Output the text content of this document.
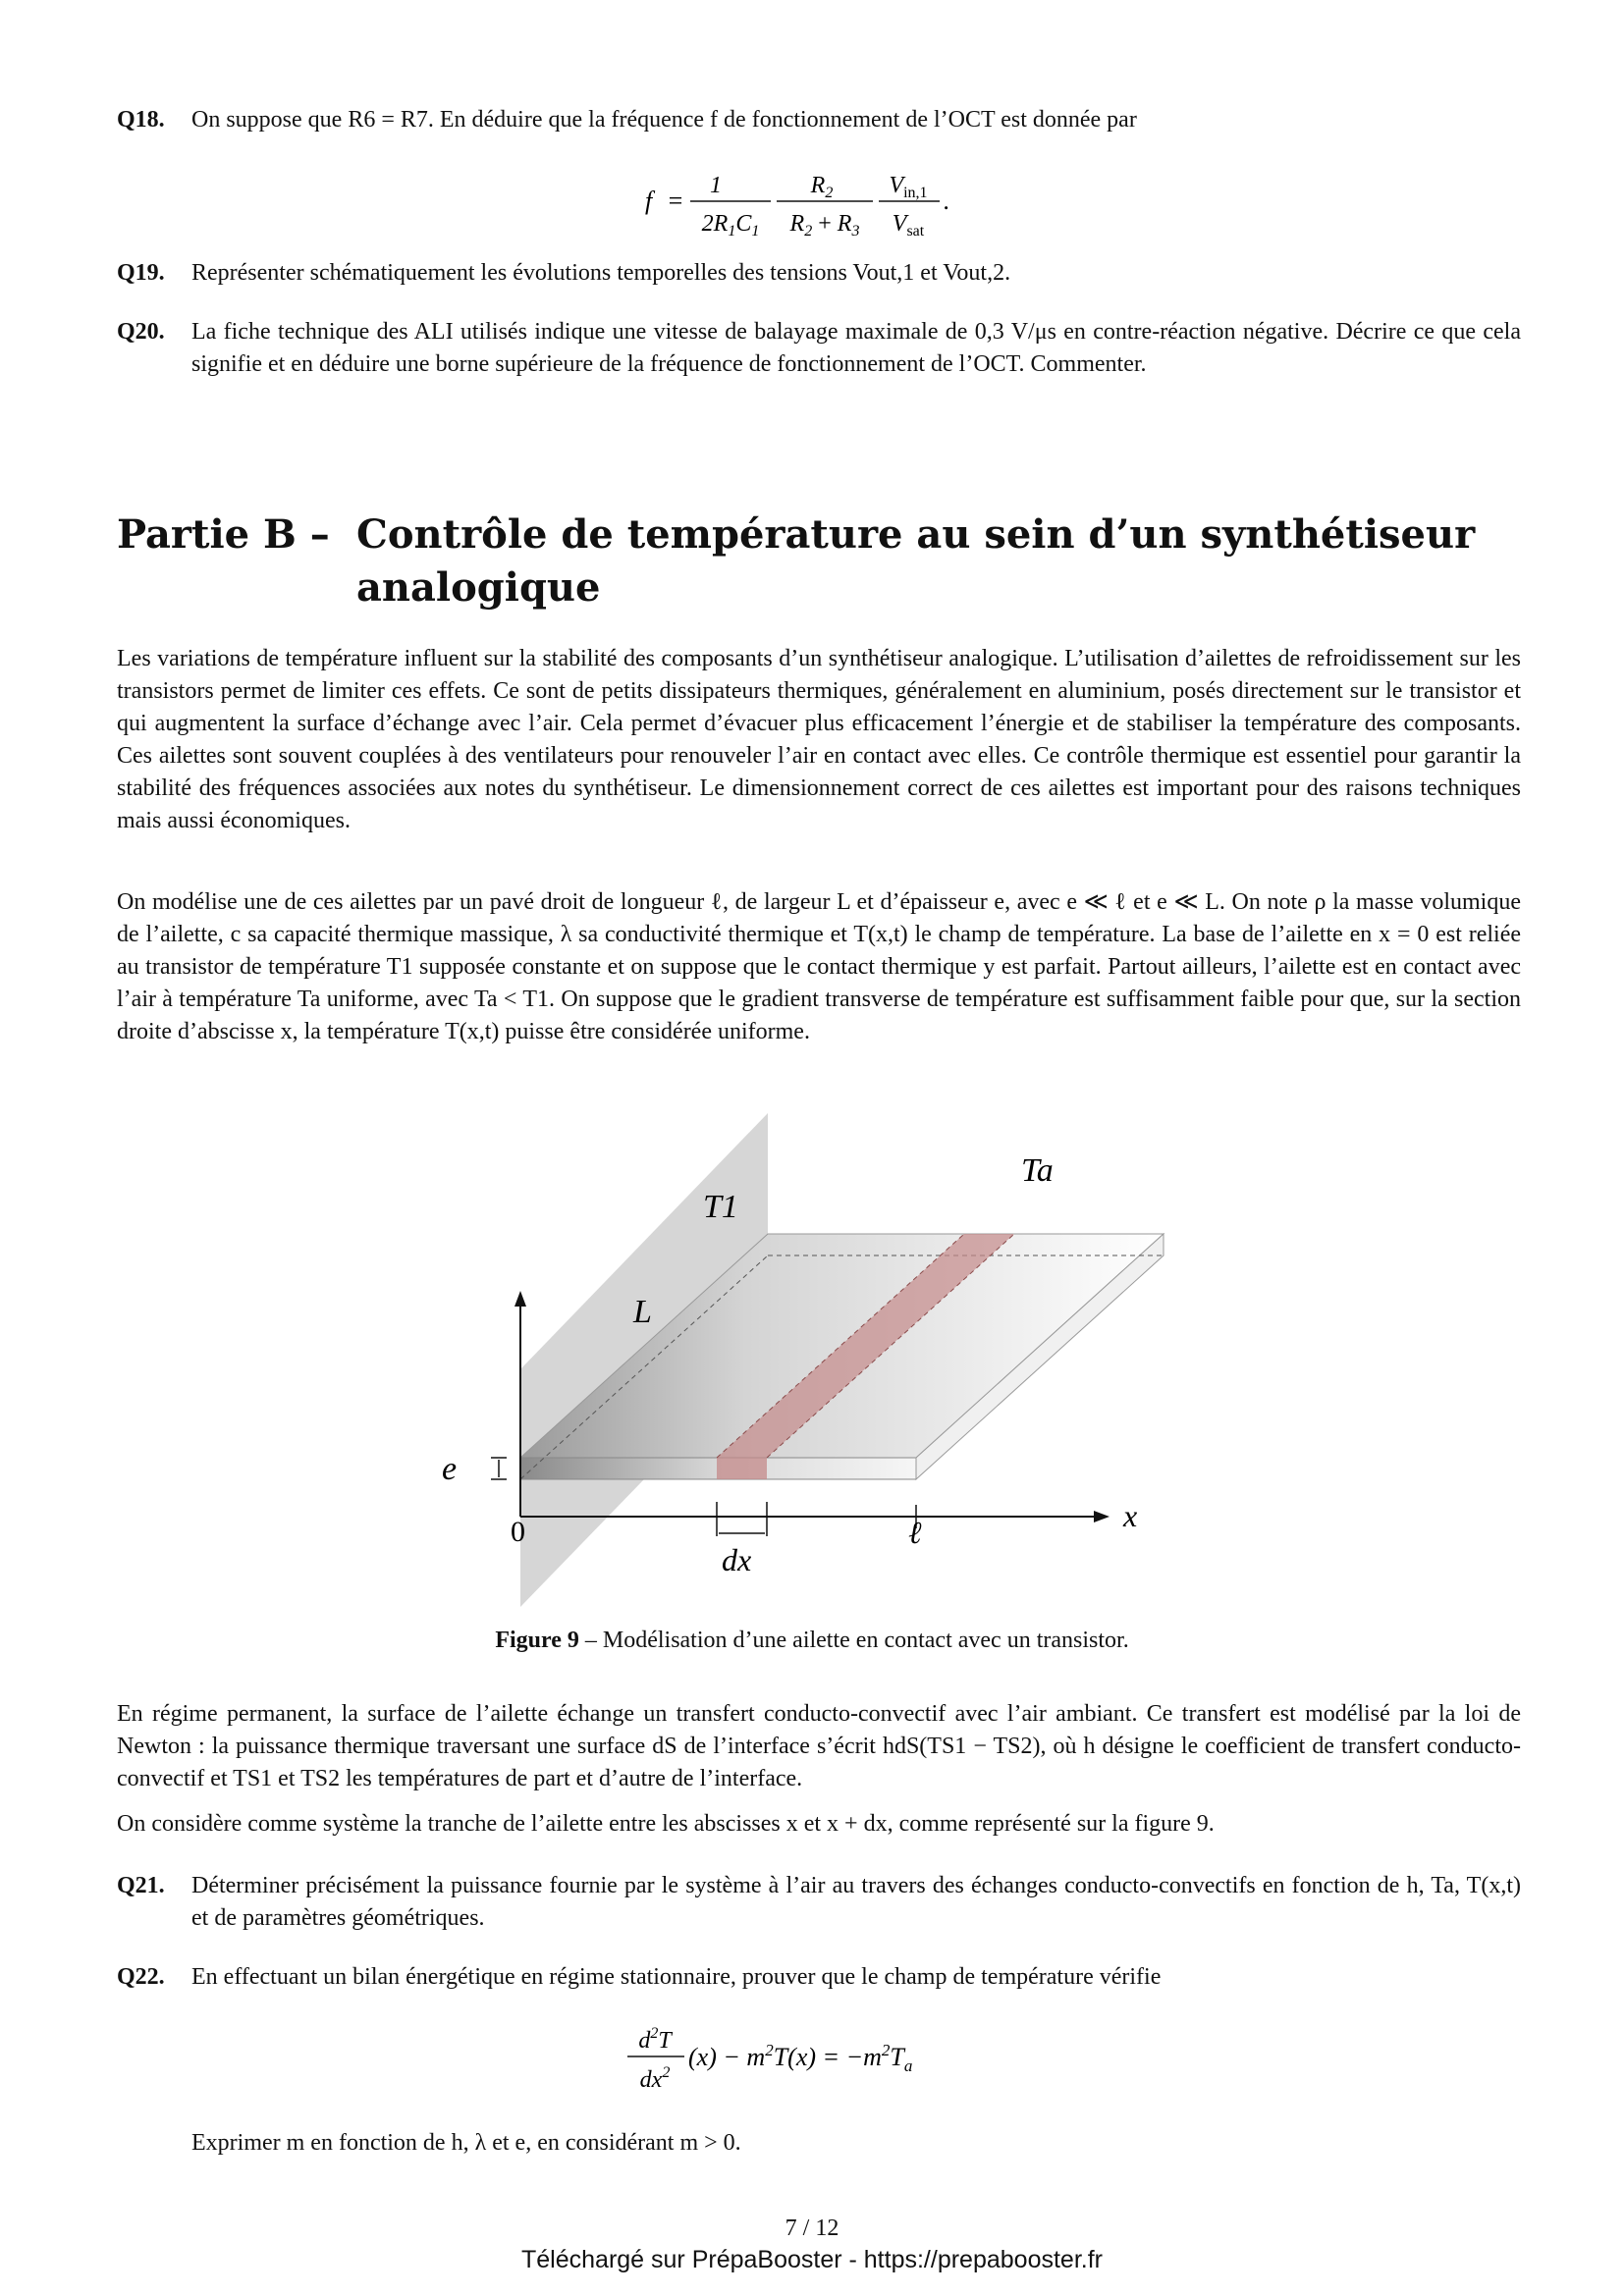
Q18. On suppose que R6 = R7. En déduire que la fréquence f de fonctionnement de l’OCT est donnée par
f =
1
$2R_1C_1$
$R_2$
$R_2 + R_3$
$V_{in,1}$
$V_{sat}$
.
Q19. Représenter schématiquement les évolutions temporelles des tensions Vout,1 et Vout,2.
Q20. La fiche technique des ALI utilisés indique une vitesse de balayage maximale de 0,3 V/μs en contre-réaction négative. Décrire ce que cela signifie et en déduire une borne supérieure de la fréquence de fonctionnement de l’OCT. Commenter.
Partie B – Contrôle de température au sein d’un synthétiseur analogique
Les variations de température influent sur la stabilité des composants d’un synthétiseur analogique. L’utilisation d’ailettes de refroidissement sur les transistors permet de limiter ces effets. Ce sont de petits dissipateurs thermiques, généralement en aluminium, posés directement sur le transistor et qui augmentent la surface d’échange avec l’air. Cela permet d’évacuer plus efficacement l’énergie et de stabiliser la température des composants. Ces ailettes sont souvent couplées à des ventilateurs pour renouveler l’air en contact avec elles. Ce contrôle thermique est essentiel pour garantir la stabilité des fréquences associées aux notes du synthétiseur. Le dimensionnement correct de ces ailettes est important pour des raisons techniques mais aussi économiques.
On modélise une de ces ailettes par un pavé droit de longueur ℓ, de largeur L et d’épaisseur e, avec e ≪ ℓ et e ≪ L. On note ρ la masse volumique de l’ailette, c sa capacité thermique massique, λ sa conductivité thermique et T(x,t) le champ de température. La base de l’ailette en x = 0 est reliée au transistor de température T1 supposée constante et on suppose que le contact thermique y est parfait. Partout ailleurs, l’ailette est en contact avec l’air à température Ta uniforme, avec Ta < T1. On suppose que le gradient transverse de température est suffisamment faible pour que, sur la section droite d’abscisse x, la température T(x,t) puisse être considérée uniforme.
T1
Ta
L
e
0	ℓ	x
dx
Figure 9 – Modélisation d’une ailette en contact avec un transistor.
En régime permanent, la surface de l’ailette échange un transfert conducto-convectif avec l’air ambiant. Ce transfert est modélisé par la loi de Newton : la puissance thermique traversant une surface dS de l’interface s’écrit hdS(TS1 − TS2), où h désigne le coefficient de transfert conducto-convectif et TS1 et TS2 les températures de part et d’autre de l’interface.
On considère comme système la tranche de l’ailette entre les abscisses x et x + dx, comme représenté sur la figure 9.
Q21. Déterminer précisément la puissance fournie par le système à l’air au travers des échanges conducto-convectifs en fonction de h, Ta, T(x,t) et de paramètres géométriques.
Q22. En effectuant un bilan énergétique en régime stationnaire, prouver que le champ de température vérifie
$d^2T$
$dx^2$
$(x) - m^2T(x) = -m^2T_a$
Exprimer m en fonction de h, λ et e, en considérant m > 0.
7 / 12
Téléchargé sur PrépaBooster - https://prepabooster.fr
